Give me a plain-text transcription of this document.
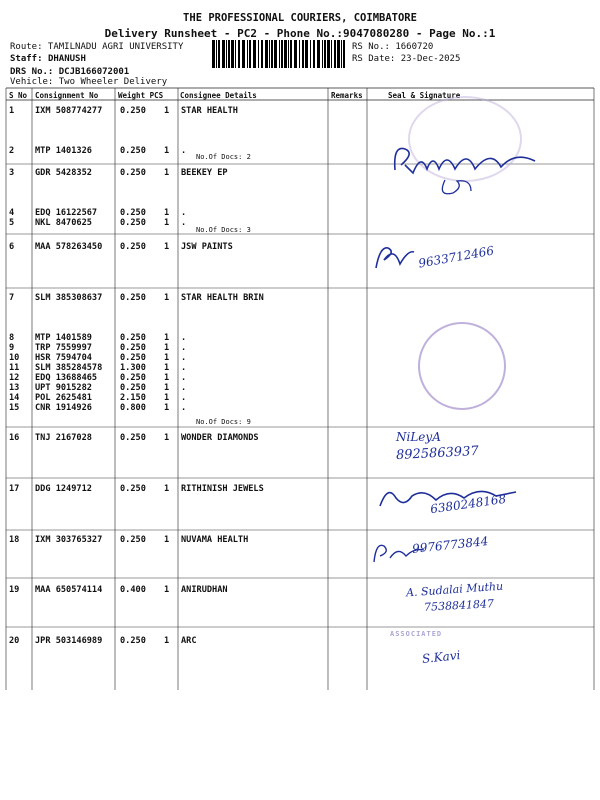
THE PROFESSIONAL COURIERS, COIMBATORE
Delivery Runsheet - PC2 - Phone No.:9047080280 - Page No.:1
Route: TAMILNADU AGRI UNIVERSITY
Staff: DHANUSH
DRS No.: DCJB166072001
Vehicle: Two Wheeler Delivery
RS No.: 1660720
RS Date: 23-Dec-2025
S No Consignment No	Weight PCS Consignee Details	Remarks	Seal & Signature
1 IXM 508774277 0.250 1 STAR HEALTH
2 MTP 1401326	0.250 1 .
3 GDR 5428352	0.250 1 BEEKEY EP
4 EDQ 16122567	0.250 1 .
5 NKL 8470625	0.250 1 .
6 MAA 578263450 0.250 1 JSW PAINTS
7 SLM 385308637 0.250 1 STAR HEALTH BRIN
8 MTP 1401589	0.250 1 .
9 TRP 7559997	0.250 1 .
10 HSR 7594704	0.250 1 .
11 SLM 385284578 1.300 1 .
12 EDQ 13688465	0.250 1 .
13 UPT 9015282	0.250 1 .
14 POL 2625481	2.150 1 .
15 CNR 1914926	0.800 1 .
16 TNJ 2167028	0.250 1 WONDER DIAMONDS
17 DDG 1249712	0.250 1 RITHINISH JEWELS
18 IXM 303765327 0.250 1 NUVAMA HEALTH
19 MAA 650574114 0.400 1 ANIRUDHAN
20 JPR 503146989 0.250 1 ARC
No.Of Docs: 2
No.Of Docs: 3
No.Of Docs: 9
ASSOCIATED
9633712466
NiLeyA
8925863937
6380248168
9976773844
A. Sudalai Muthu
7538841847
S.Kavi
